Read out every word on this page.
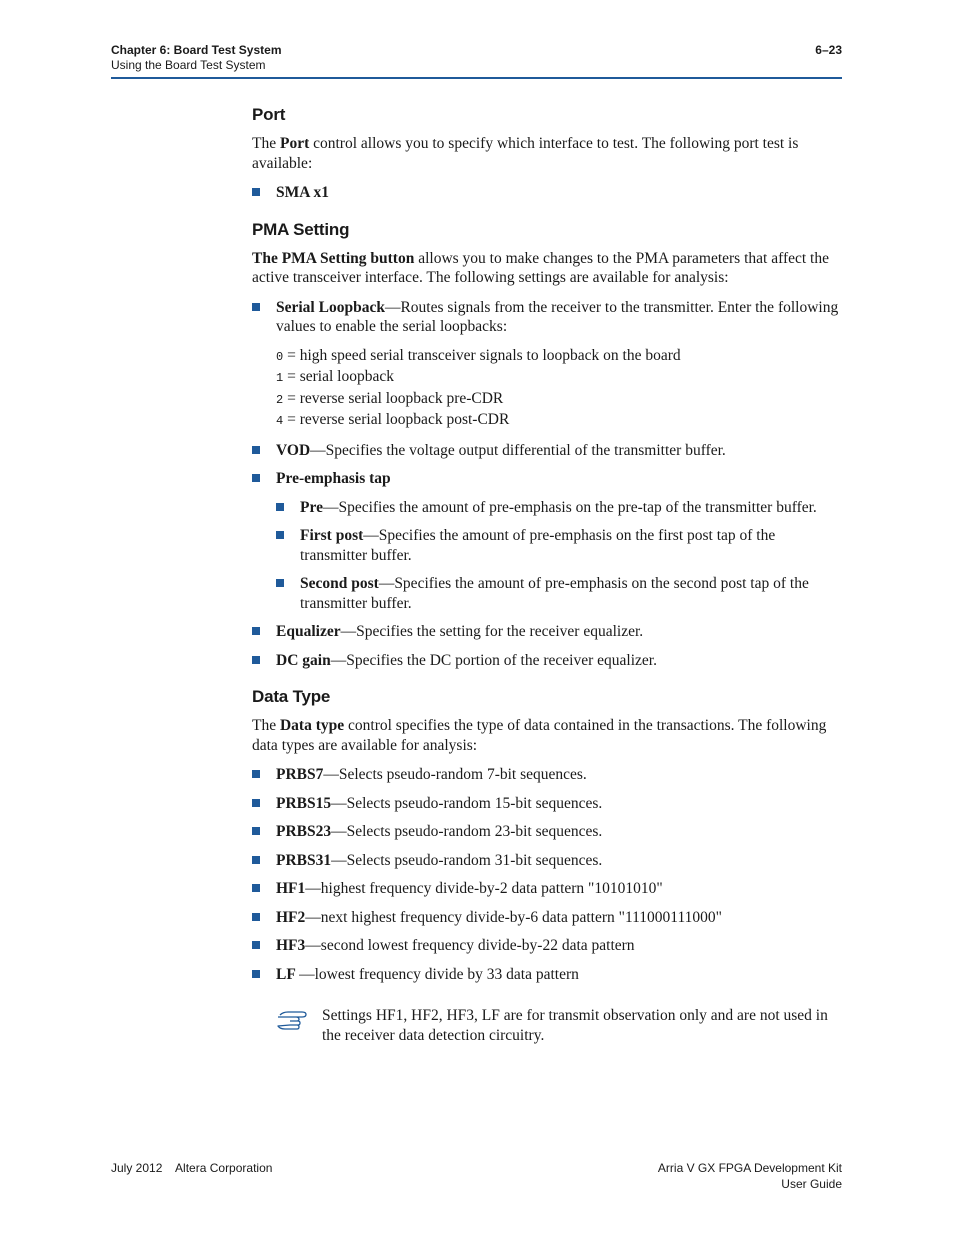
Chapter 6: Board Test System
Using the Board Test System
6–23
Port

The Port control allows you to specify which interface to test. The following port test is available:

SMA x1
PMA Setting

The PMA Setting button allows you to make changes to the PMA parameters that affect the active transceiver interface. The following settings are available for analysis:

Serial Loopback—Routes signals from the receiver to the transmitter. Enter the following values to enable the serial loopbacks:
0 = high speed serial transceiver signals to loopback on the board
1 = serial loopback
2 = reverse serial loopback pre-CDR
4 = reverse serial loopback post-CDR
VOD—Specifies the voltage output differential of the transmitter buffer.
Pre-emphasis tap
Pre—Specifies the amount of pre-emphasis on the pre-tap of the transmitter buffer.
First post—Specifies the amount of pre-emphasis on the first post tap of the transmitter buffer.
Second post—Specifies the amount of pre-emphasis on the second post tap of the transmitter buffer.
Equalizer—Specifies the setting for the receiver equalizer.
DC gain—Specifies the DC portion of the receiver equalizer.
Data Type

The Data type control specifies the type of data contained in the transactions. The following data types are available for analysis:

PRBS7—Selects pseudo-random 7-bit sequences.
PRBS15—Selects pseudo-random 15-bit sequences.
PRBS23—Selects pseudo-random 23-bit sequences.
PRBS31—Selects pseudo-random 31-bit sequences.
HF1—highest frequency divide-by-2 data pattern "10101010"
HF2—next highest frequency divide-by-6 data pattern "111000111000"
HF3—second lowest frequency divide-by-22 data pattern
LF —lowest frequency divide by 33 data pattern
Settings HF1, HF2, HF3, LF are for transmit observation only and are not used in the receiver data detection circuitry.
July 2012    Altera Corporation	Arria V GX FPGA Development Kit
User Guide
